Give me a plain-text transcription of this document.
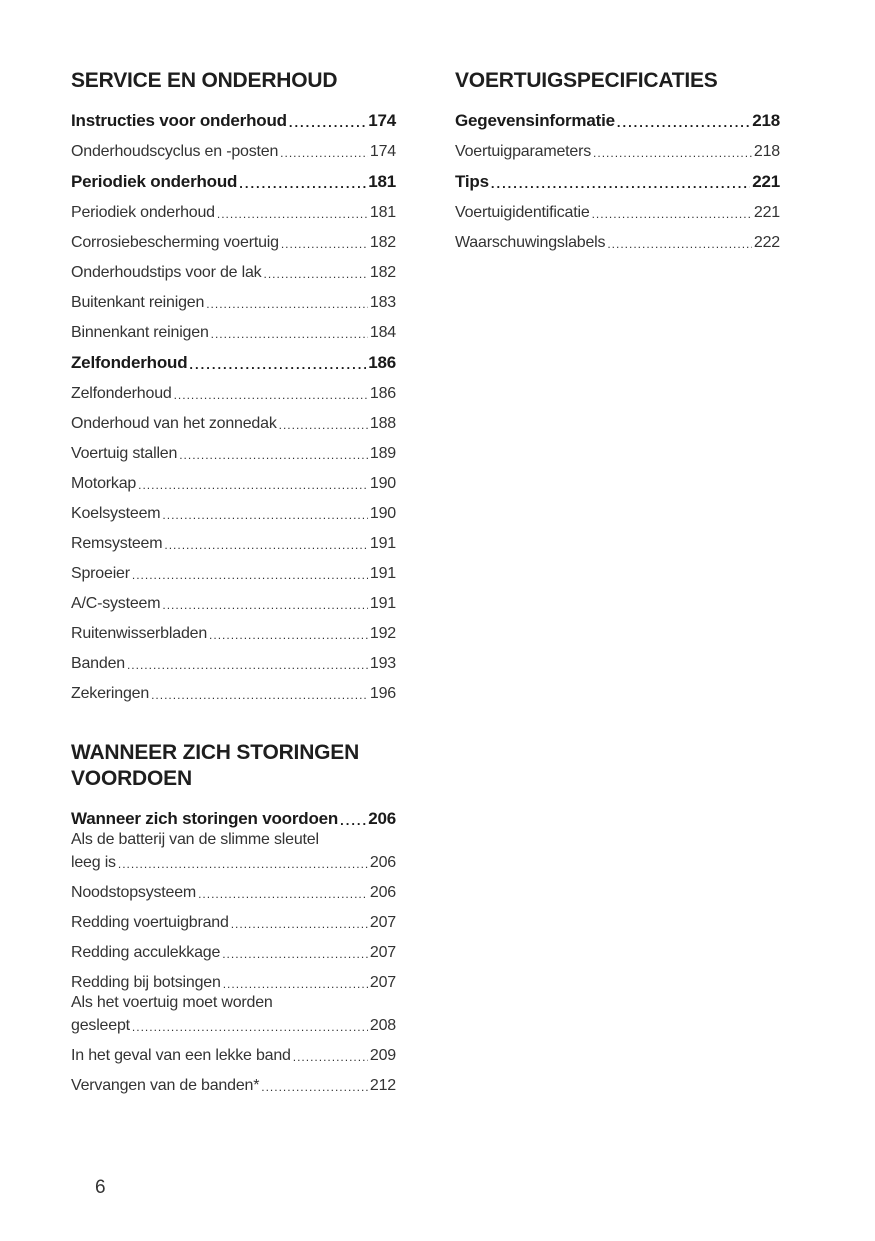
SERVICE EN ONDERHOUD
Instructies voor onderhoud .....	174
Onderhoudscyclus en -posten .....	174
Periodiek onderhoud .....	181
Periodiek onderhoud .....	181
Corrosiebescherming voertuig .....	182
Onderhoudstips voor de lak .....	182
Buitenkant reinigen .....	183
Binnenkant reinigen .....	184
Zelfonderhoud .....	186
Zelfonderhoud .....	186
Onderhoud van het zonnedak .....	188
Voertuig stallen .....	189
Motorkap .....	190
Koelsysteem .....	190
Remsysteem .....	191
Sproeier .....	191
A/C-systeem .....	191
Ruitenwisserbladen .....	192
Banden .....	193
Zekeringen .....	196
WANNEER ZICH STORINGEN VOORDOEN
Wanneer zich storingen voordoen ..... 206
Als de batterij van de slimme sleutel
leeg is .....	206
Noodstopsysteem .....	206
Redding voertuigbrand .....	207
Redding acculekkage .....	207
Redding bij botsingen .....	207
Als het voertuig moet worden
gesleept .....	208
In het geval van een lekke band .....	209
Vervangen van de banden* .....	212
VOERTUIGSPECIFICATIES
Gegevensinformatie .....	218
Voertuigparameters .....	218
Tips .....	221
Voertuigidentificatie .....	221
Waarschuwingslabels .....	222
6
